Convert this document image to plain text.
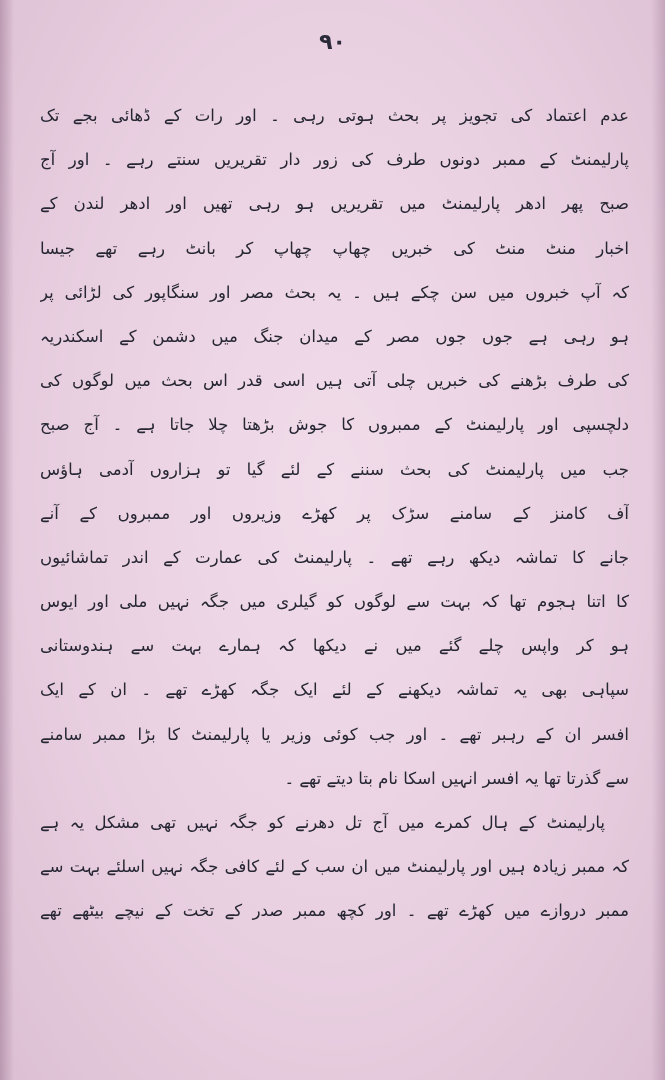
۹۰
عدم اعتماد کی تجویز پر بحث ہوتی رہی ۔ اور رات کے ڈھائی بجے تک
پارلیمنٹ کے ممبر دونوں طرف کی زور دار تقریریں سنتے رہے ۔ اور آج
صبح پھر ادھر پارلیمنٹ میں تقریریں ہو رہی تھیں اور ادھر لندن کے
اخبار منٹ منٹ کی خبریں چھاپ چھاپ کر بانٹ رہے تھے جیسا
کہ آپ خبروں میں سن چکے ہیں ۔ یہ بحث مصر اور سنگاپور کی لڑائی پر
ہو رہی ہے جوں جوں مصر کے میدان جنگ میں دشمن کے اسکندریہ
کی طرف بڑھنے کی خبریں چلی آتی ہیں اسی قدر اس بحث میں لوگوں کی
دلچسپی اور پارلیمنٹ کے ممبروں کا جوش بڑھتا چلا جاتا ہے ۔ آج صبح
جب میں پارلیمنٹ کی بحث سننے کے لئے گیا تو ہزاروں آدمی ہاؤس
آف کامنز کے سامنے سڑک پر کھڑے وزیروں اور ممبروں کے آنے
جانے کا تماشہ دیکھ رہے تھے ۔ پارلیمنٹ کی عمارت کے اندر تماشائیوں
کا اتنا ہجوم تھا کہ بہت سے لوگوں کو گیلری میں جگہ نہیں ملی اور ایوس
ہو کر واپس چلے گئے میں نے دیکھا کہ ہمارے بہت سے ہندوستانی
سپاہی بھی یہ تماشہ دیکھنے کے لئے ایک جگہ کھڑے تھے ۔ ان کے ایک
افسر ان کے رہبر تھے ۔ اور جب کوئی وزیر یا پارلیمنٹ کا بڑا ممبر سامنے
سے گذرتا تھا یہ افسر انہیں اسکا نام بتا دیتے تھے ۔
پارلیمنٹ کے ہال کمرے میں آج تل دھرنے کو جگہ نہیں تھی مشکل یہ ہے
کہ ممبر زیادہ ہیں اور پارلیمنٹ میں ان سب کے لئے کافی جگہ نہیں اسلئے بہت سے
ممبر دروازے میں کھڑے تھے ۔ اور کچھ ممبر صدر کے تخت کے نیچے بیٹھے تھے
